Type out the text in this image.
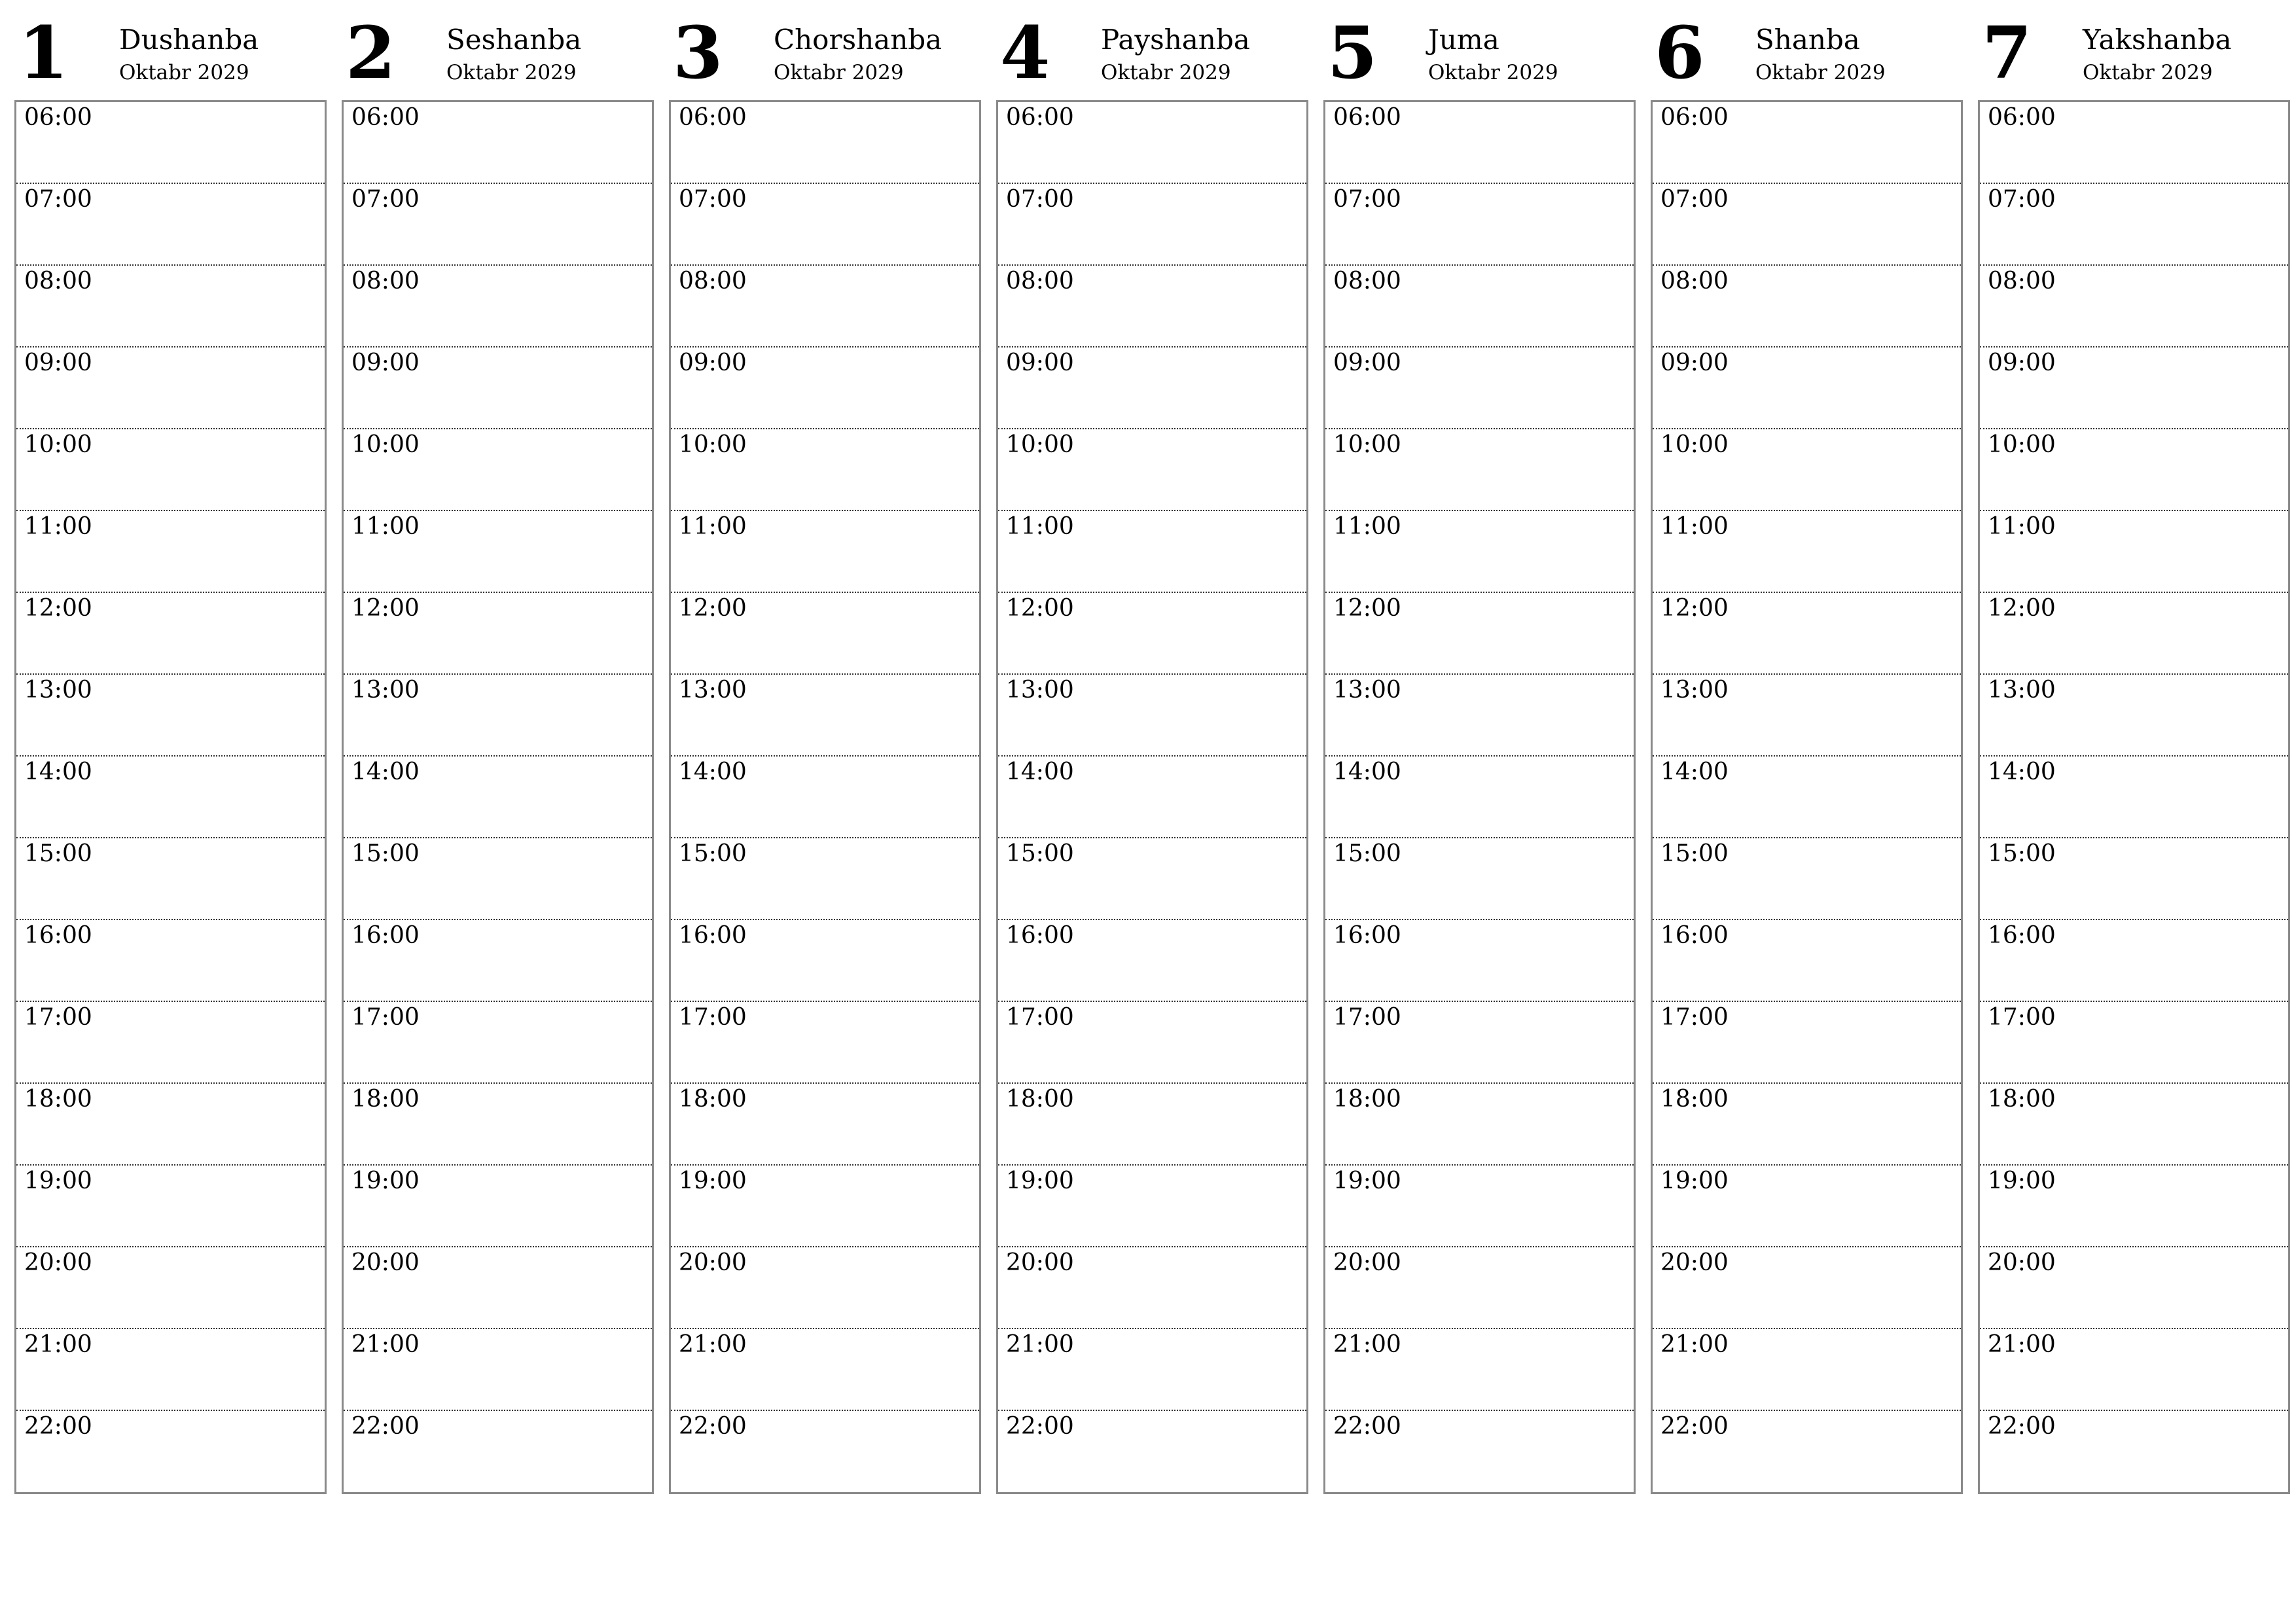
1 Dushanba
Oktabr 2029
06:00
07:00
08:00
09:00
10:00
11:00
12:00
13:00
14:00
15:00
16:00
17:00
18:00
19:00
20:00
21:00
22:00
2 Seshanba
Oktabr 2029
06:00
07:00
08:00
09:00
10:00
11:00
12:00
13:00
14:00
15:00
16:00
17:00
18:00
19:00
20:00
21:00
22:00
3 Chorshanba
Oktabr 2029
06:00
07:00
08:00
09:00
10:00
11:00
12:00
13:00
14:00
15:00
16:00
17:00
18:00
19:00
20:00
21:00
22:00
4 Payshanba
Oktabr 2029
06:00
07:00
08:00
09:00
10:00
11:00
12:00
13:00
14:00
15:00
16:00
17:00
18:00
19:00
20:00
21:00
22:00
5 Juma
Oktabr 2029
06:00
07:00
08:00
09:00
10:00
11:00
12:00
13:00
14:00
15:00
16:00
17:00
18:00
19:00
20:00
21:00
22:00
6 Shanba
Oktabr 2029
06:00
07:00
08:00
09:00
10:00
11:00
12:00
13:00
14:00
15:00
16:00
17:00
18:00
19:00
20:00
21:00
22:00
7 Yakshanba
Oktabr 2029
06:00
07:00
08:00
09:00
10:00
11:00
12:00
13:00
14:00
15:00
16:00
17:00
18:00
19:00
20:00
21:00
22:00
